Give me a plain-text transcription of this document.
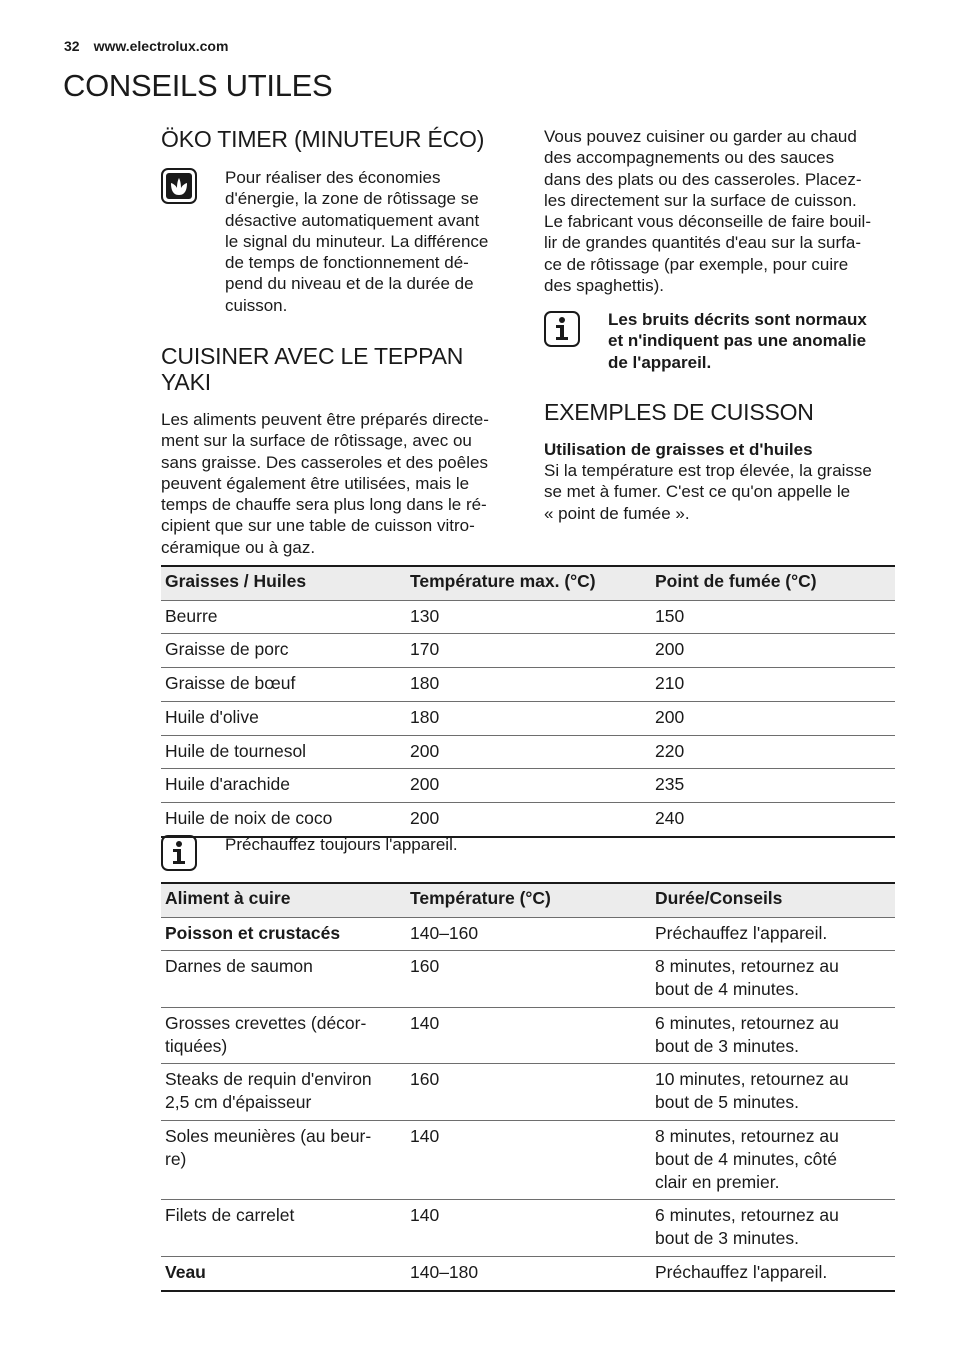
32 www.electrolux.com
CONSEILS UTILES
ÖKO TIMER (MINUTEUR ÉCO)
Pour réaliser des économies
d'énergie, la zone de rôtissage se
désactive automatiquement avant
le signal du minuteur. La différence
de temps de fonctionnement dé-
pend du niveau et de la durée de
cuisson.
CUISINER AVEC LE TEPPAN
YAKI
Les aliments peuvent être préparés directe-
ment sur la surface de rôtissage, avec ou
sans graisse. Des casseroles et des poêles
peuvent également être utilisées, mais le
temps de chauffe sera plus long dans le ré-
cipient que sur une table de cuisson vitro-
céramique ou à gaz.
Vous pouvez cuisiner ou garder au chaud
des accompagnements ou des sauces
dans des plats ou des casseroles. Placez-
les directement sur la surface de cuisson.
Le fabricant vous déconseille de faire bouil-
lir de grandes quantités d'eau sur la surfa-
ce de rôtissage (par exemple, pour cuire
des spaghettis).
Les bruits décrits sont normaux
et n'indiquent pas une anomalie
de l'appareil.
EXEMPLES DE CUISSON
Utilisation de graisses et d'huiles
Si la température est trop élevée, la graisse
se met à fumer. C'est ce qu'on appelle le
« point de fumée ».
Graisses / Huiles	Température max. (°C)	Point de fumée (°C)
Beurre	130	150
Graisse de porc	170	200
Graisse de bœuf	180	210
Huile d'olive	180	200
Huile de tournesol	200	220
Huile d'arachide	200	235
Huile de noix de coco	200	240
Préchauffez toujours l'appareil.
Aliment à cuire	Température (°C)	Durée/Conseils
Poisson et crustacés	140–160	Préchauffez l'appareil.
Darnes de saumon	160	8 minutes, retournez au
bout de 4 minutes.
Grosses crevettes (décor-
tiquées)	140	6 minutes, retournez au
bout de 3 minutes.
Steaks de requin d'environ
2,5 cm d'épaisseur	160	10 minutes, retournez au
bout de 5 minutes.
Soles meunières (au beur-
re)	140	8 minutes, retournez au
bout de 4 minutes, côté
clair en premier.
Filets de carrelet	140	6 minutes, retournez au
bout de 3 minutes.
Veau	140–180	Préchauffez l'appareil.
